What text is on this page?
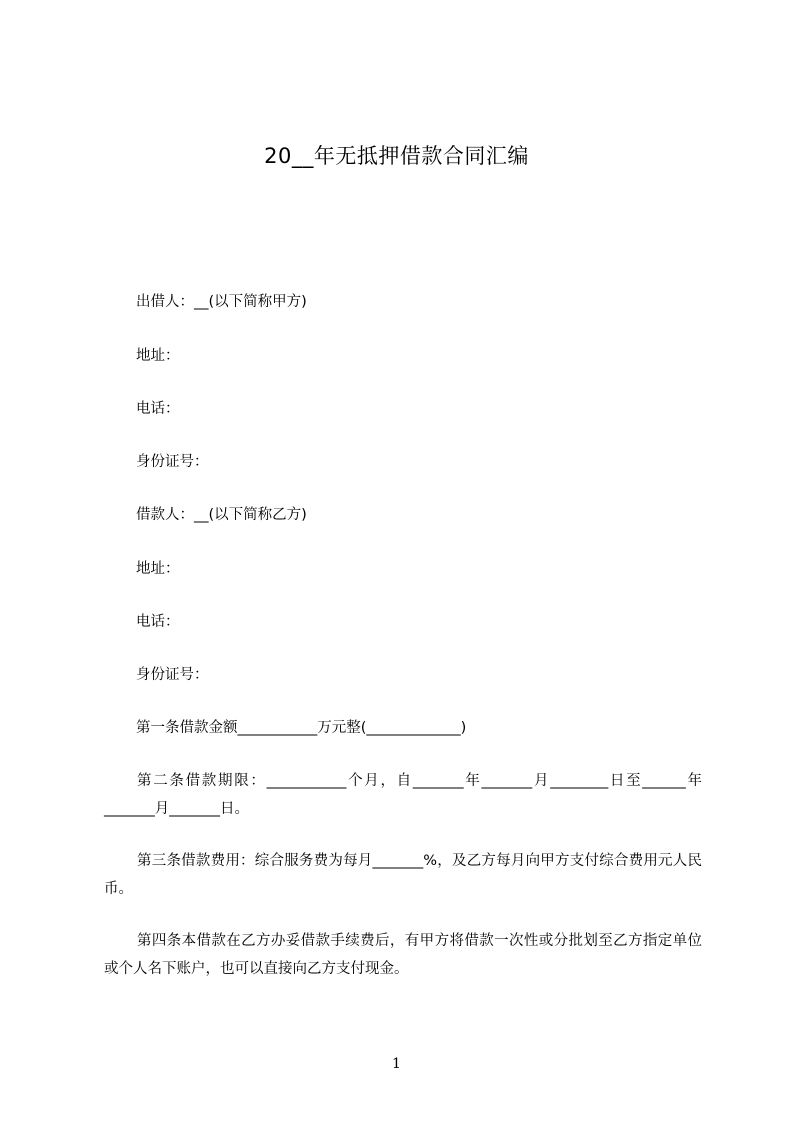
20__年无抵押借款合同汇编
出借人：__(以下简称甲方)
地址：
电话：
身份证号：
借款人：__(以下简称乙方)
地址：
电话：
身份证号：
第一条借款金额___________万元整(_____________)
第二条借款期限：___________个月，自_______年_______月________日至______年_______月_______日。
第三条借款费用：综合服务费为每月_______%，及乙方每月向甲方支付综合费用元人民币。
第四条本借款在乙方办妥借款手续费后，有甲方将借款一次性或分批划至乙方指定单位或个人名下账户，也可以直接向乙方支付现金。
1
